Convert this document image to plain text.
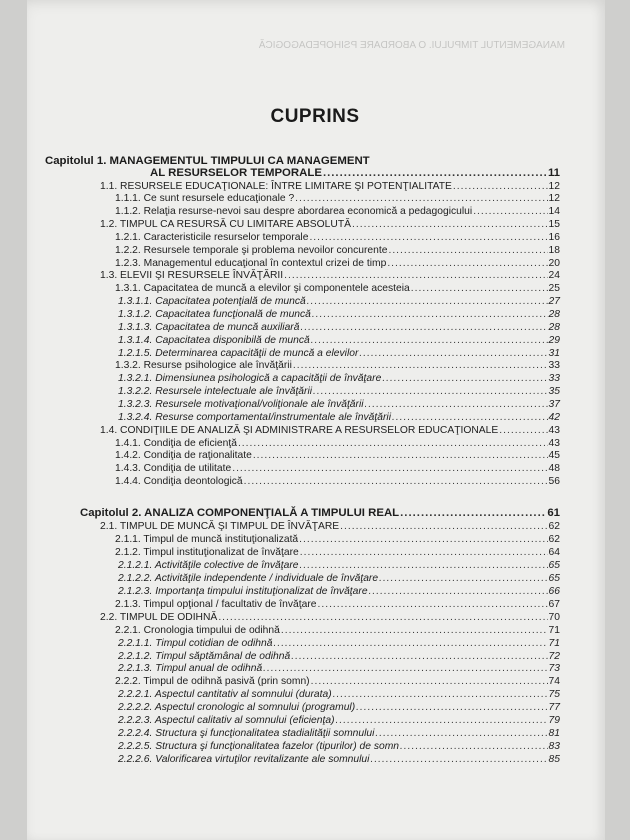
MANAGEMENTUL TIMPULUI. O ABORDARE PSIHOPEDAGOGICĂ
CUPRINS
Capitolul 1. MANAGEMENTUL TIMPULUI CA MANAGEMENT
AL RESURSELOR TEMPORALE .....	11
1.1. RESURSELE EDUCAŢIONALE: ÎNTRE LIMITARE ŞI POTENŢIALITATE .....	12
1.1.1. Ce sunt resursele educaţionale ? .....	12
1.1.2. Relaţia resurse-nevoi sau despre abordarea economică a pedagogicului .....	14
1.2. TIMPUL CA RESURSĂ CU LIMITARE ABSOLUTĂ .....	15
1.2.1. Caracteristicile resurselor temporale .....	16
1.2.2. Resursele temporale şi problema nevoilor concurente .....	18
1.2.3. Managementul educaţional în contextul crizei de timp .....	20
1.3. ELEVII ŞI RESURSELE ÎNVĂŢĂRII .....	24
1.3.1. Capacitatea de muncă a elevilor şi componentele acesteia .....	25
1.3.1.1. Capacitatea potenţială de muncă .....	27
1.3.1.2. Capacitatea funcţională de muncă .....	28
1.3.1.3. Capacitatea de muncă auxiliară .....	28
1.3.1.4. Capacitatea disponibilă de muncă .....	29
1.2.1.5. Determinarea capacităţii de muncă a elevilor .....	31
1.3.2. Resurse psihologice ale învăţării .....	33
1.3.2.1. Dimensiunea psihologică a capacităţii de învăţare .....	33
1.3.2.2. Resursele intelectuale ale învăţării .....	35
1.3.2.3. Resursele motivaţional/voliţionale ale învăţării .....	37
1.3.2.4. Resurse comportamentaI/instrumentale ale învăţării .....	42
1.4. CONDIŢIILE DE ANALIZĂ ŞI ADMINISTRARE A RESURSELOR EDUCAŢIONALE .....	43
1.4.1. Condiţia de eficienţă .....	43
1.4.2. Condiţia de raţionalitate .....	45
1.4.3. Condiţia de utilitate .....	48
1.4.4. Condiţia deontologică .....	56
Capitolul 2. ANALIZA COMPONENŢIALĂ A TIMPULUI REAL .....	61
2.1. TIMPUL DE MUNCĂ ŞI TIMPUL DE ÎNVĂŢARE .....	62
2.1.1. Timpul de muncă instituţionalizată .....	62
2.1.2. Timpul instituţionalizat de învăţare .....	64
2.1.2.1. Activităţile colective de învăţare .....	65
2.1.2.2. Activităţile independente / individuale de învăţare .....	65
2.1.2.3. Importanţa timpului instituţionalizat de învăţare .....	66
2.1.3. Timpul opţional / facultativ de învăţare .....	67
2.2. TIMPUL DE ODIHNĂ .....	70
2.2.1. Cronologia timpului de odihnă .....	71
2.2.1.1. Timpul cotidian de odihnă .....	71
2.2.1.2. Timpul săptămânal de odihnă .....	72
2.2.1.3. Timpul anual de odihnă .....	73
2.2.2. Timpul de odihnă pasivă (prin somn) .....	74
2.2.2.1. Aspectul cantitativ al somnului (durata) .....	75
2.2.2.2. Aspectul cronologic al somnului (programul) .....	77
2.2.2.3. Aspectul calitativ al somnului (eficienţa) .....	79
2.2.2.4. Structura şi funcţionalitatea stadialităţii somnului .....	81
2.2.2.5. Structura şi funcţionalitatea fazelor (tipurilor) de somn .....	83
2.2.2.6. Valorificarea virtuţilor revitalizante ale somnului .....	85
